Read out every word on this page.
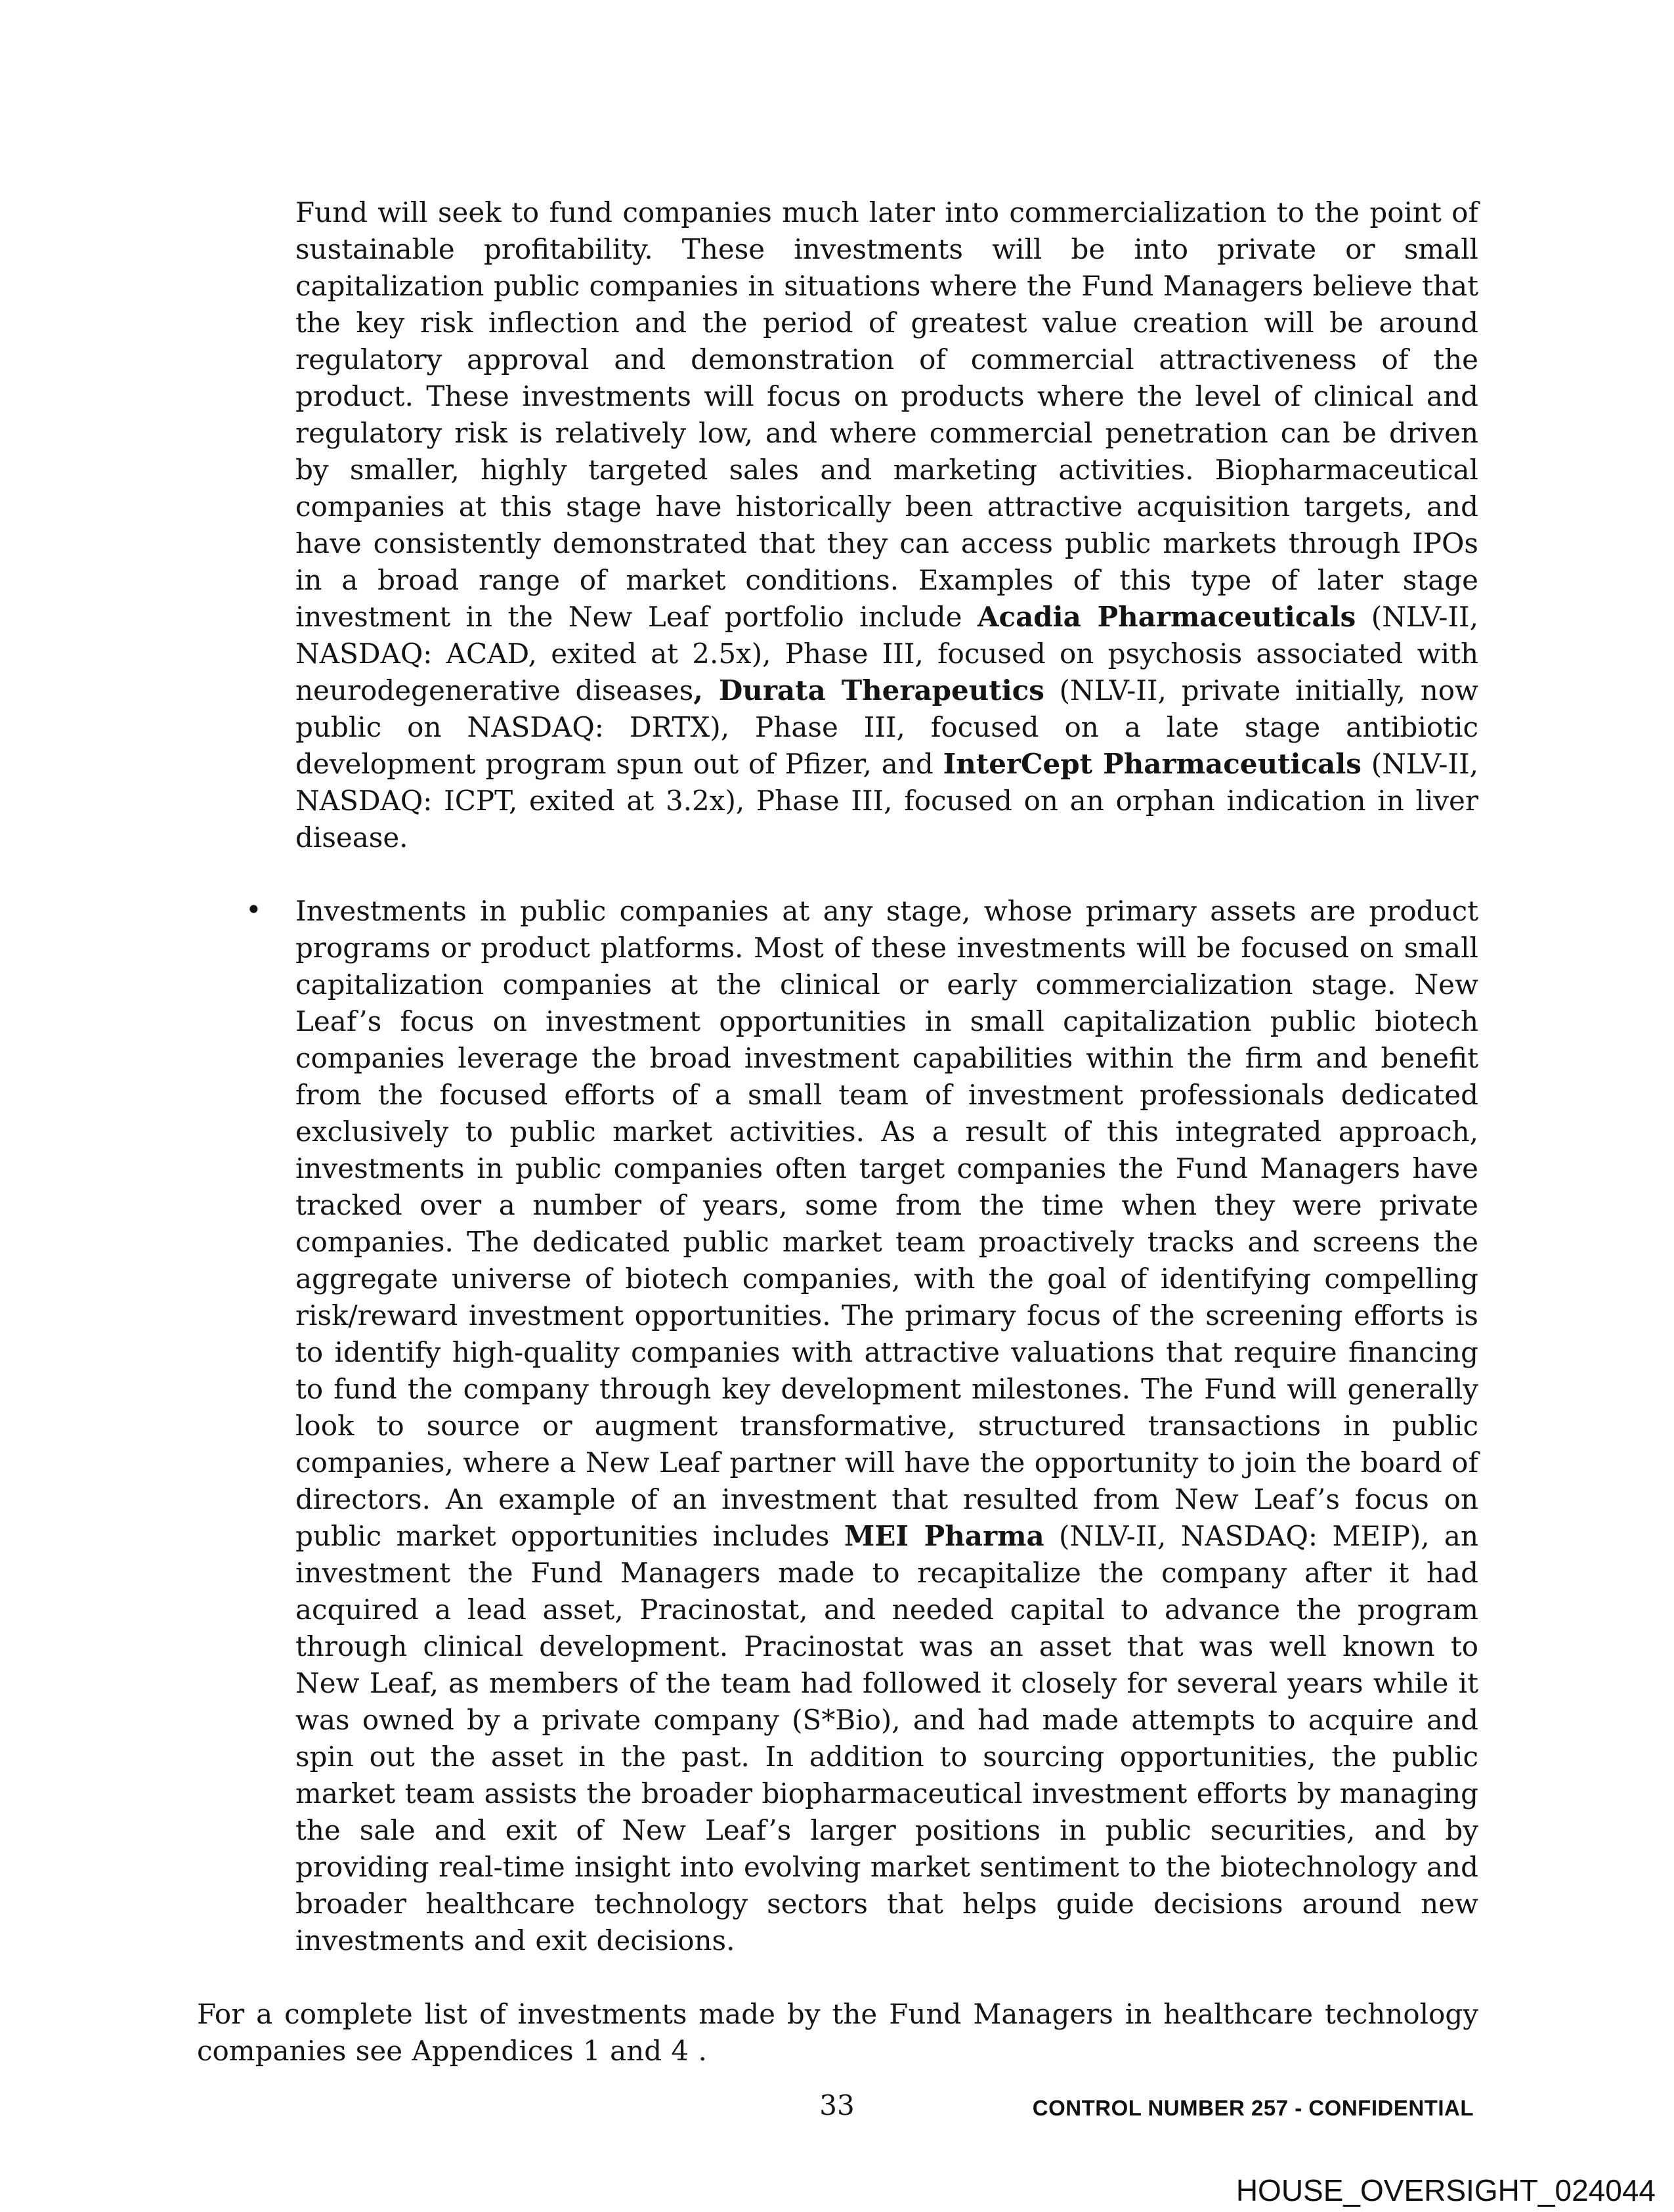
Fund will seek to fund companies much later into commercialization to the point of sustainable profitability. These investments will be into private or small capitalization public companies in situations where the Fund Managers believe that the key risk inflection and the period of greatest value creation will be around regulatory approval and demonstration of commercial attractiveness of the product. These investments will focus on products where the level of clinical and regulatory risk is relatively low, and where commercial penetration can be driven by smaller, highly targeted sales and marketing activities. Biopharmaceutical companies at this stage have historically been attractive acquisition targets, and have consistently demonstrated that they can access public markets through IPOs in a broad range of market conditions. Examples of this type of later stage investment in the New Leaf portfolio include Acadia Pharmaceuticals (NLV-II, NASDAQ: ACAD, exited at 2.5x), Phase III, focused on psychosis associated with neurodegenerative diseases, Durata Therapeutics (NLV-II, private initially, now public on NASDAQ: DRTX), Phase III, focused on a late stage antibiotic development program spun out of Pfizer, and InterCept Pharmaceuticals (NLV-II, NASDAQ: ICPT, exited at 3.2x), Phase III, focused on an orphan indication in liver disease.

• Investments in public companies at any stage, whose primary assets are product programs or product platforms. Most of these investments will be focused on small capitalization companies at the clinical or early commercialization stage. New Leaf’s focus on investment opportunities in small capitalization public biotech companies leverage the broad investment capabilities within the firm and benefit from the focused efforts of a small team of investment professionals dedicated exclusively to public market activities. As a result of this integrated approach, investments in public companies often target companies the Fund Managers have tracked over a number of years, some from the time when they were private companies. The dedicated public market team proactively tracks and screens the aggregate universe of biotech companies, with the goal of identifying compelling risk/reward investment opportunities. The primary focus of the screening efforts is to identify high-quality companies with attractive valuations that require financing to fund the company through key development milestones. The Fund will generally look to source or augment transformative, structured transactions in public companies, where a New Leaf partner will have the opportunity to join the board of directors. An example of an investment that resulted from New Leaf’s focus on public market opportunities includes MEI Pharma (NLV-II, NASDAQ: MEIP), an investment the Fund Managers made to recapitalize the company after it had acquired a lead asset, Pracinostat, and needed capital to advance the program through clinical development. Pracinostat was an asset that was well known to New Leaf, as members of the team had followed it closely for several years while it was owned by a private company (S*Bio), and had made attempts to acquire and spin out the asset in the past. In addition to sourcing opportunities, the public market team assists the broader biopharmaceutical investment efforts by managing the sale and exit of New Leaf’s larger positions in public securities, and by providing real-time insight into evolving market sentiment to the biotechnology and broader healthcare technology sectors that helps guide decisions around new investments and exit decisions.

For a complete list of investments made by the Fund Managers in healthcare technology companies see Appendices 1 and 4 .

33	CONTROL NUMBER 257 - CONFIDENTIAL
HOUSE_OVERSIGHT_024044
